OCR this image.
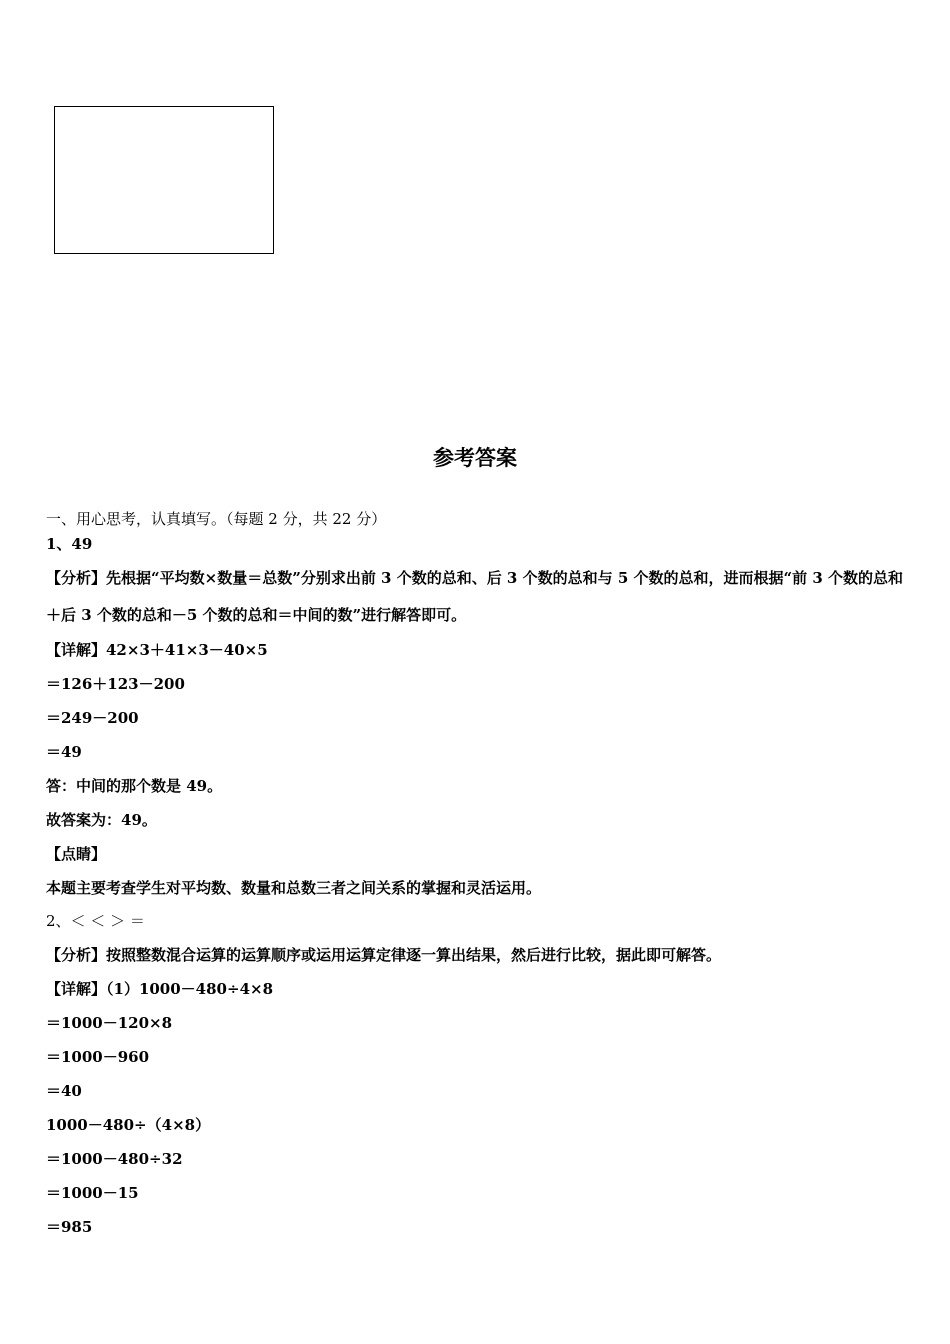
参考答案
一、用心思考，认真填写。（每题 2 分，共 22 分）
1、49
【分析】先根据“平均数×数量＝总数”分别求出前 3 个数的总和、后 3 个数的总和与 5 个数的总和，进而根据“前 3 个数的总和＋后 3 个数的总和－5 个数的总和＝中间的数”进行解答即可。
【详解】42×3＋41×3－40×5
＝126＋123－200
＝249－200
＝49
答：中间的那个数是 49。
故答案为：49。
【点睛】
本题主要考查学生对平均数、数量和总数三者之间关系的掌握和灵活运用。
2、＜ ＜ ＞ ＝
【分析】按照整数混合运算的运算顺序或运用运算定律逐一算出结果，然后进行比较，据此即可解答。
【详解】（1）1000－480÷4×8
＝1000－120×8
＝1000－960
＝40
1000－480÷（4×8）
＝1000－480÷32
＝1000－15
＝985
